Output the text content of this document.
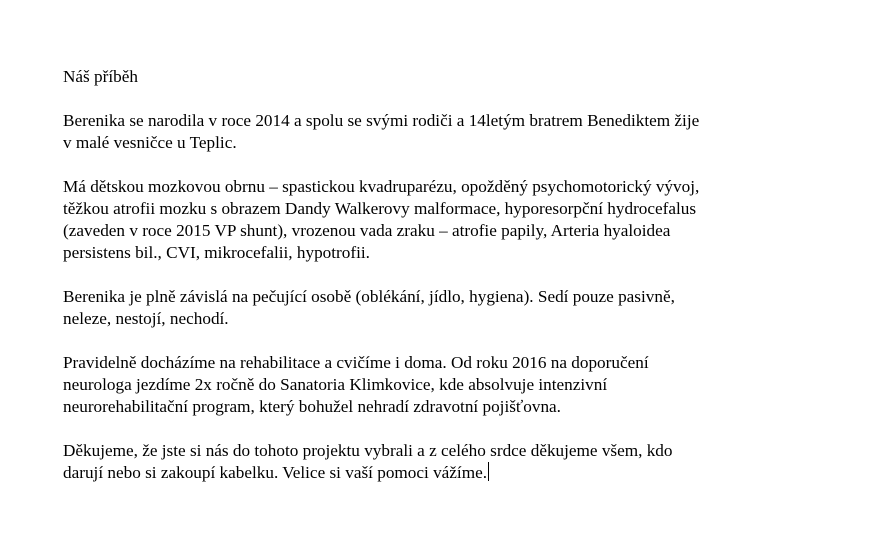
Náš příběh

Berenika se narodila v roce 2014 a spolu se svými rodiči a 14letým bratrem Benediktem žije
v malé vesničce u Teplic.

Má dětskou mozkovou obrnu – spastickou kvadruparézu, opožděný psychomotorický vývoj,
těžkou atrofii mozku s obrazem Dandy Walkerovy malformace, hyporesorpční hydrocefalus
(zaveden v roce 2015 VP shunt), vrozenou vada zraku – atrofie papily, Arteria hyaloidea
persistens bil., CVI, mikrocefalii, hypotrofii.

Berenika je plně závislá na pečující osobě (oblékání, jídlo, hygiena). Sedí pouze pasivně,
neleze, nestojí, nechodí.

Pravidelně docházíme na rehabilitace a cvičíme i doma. Od roku 2016 na doporučení
neurologa jezdíme 2x ročně do Sanatoria Klimkovice, kde absolvuje intenzivní
neurorehabilitační program, který bohužel nehradí zdravotní pojišťovna.

Děkujeme, že jste si nás do tohoto projektu vybrali a z celého srdce děkujeme všem, kdo
darují nebo si zakoupí kabelku. Velice si vaší pomoci vážíme.
